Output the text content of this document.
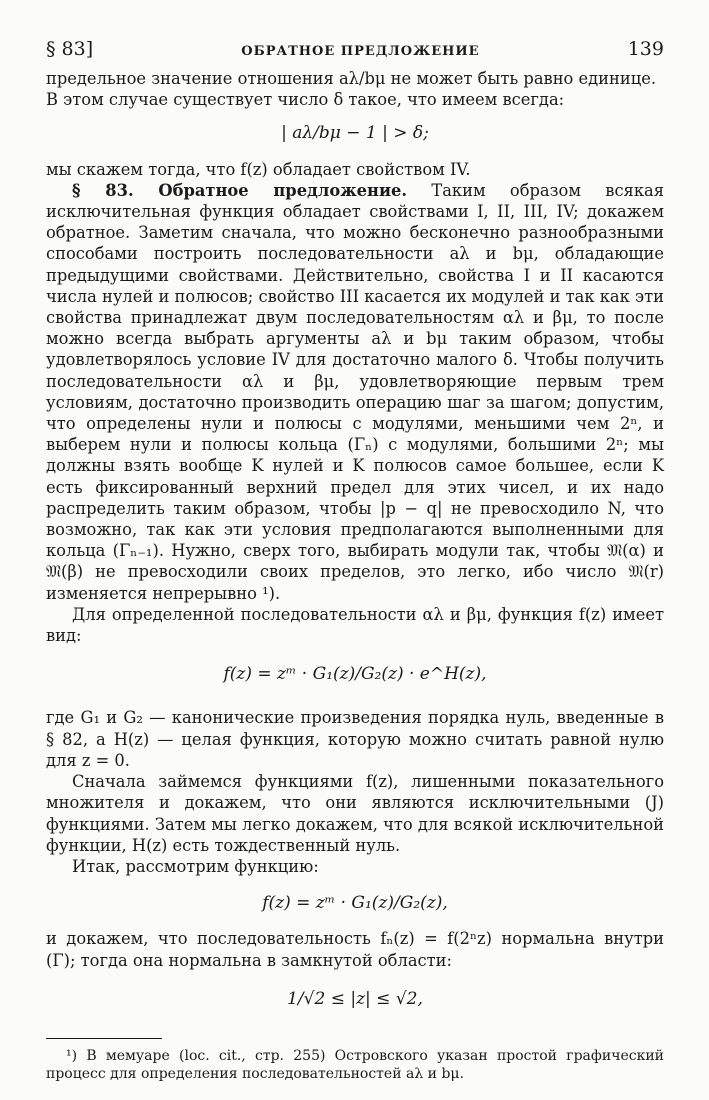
§ 83]	ОБРАТНОЕ ПРЕДЛОЖЕНИЕ	139

предельное значение отношения aλ/bμ не может быть равно единице.

В этом случае существует число δ такое, что имеем всегда:

| aλ/bμ − 1 | > δ;

мы скажем тогда, что f(z) обладает свойством IV.

§ 83. Обратное предложение. Таким образом всякая исключительная функция обладает свойствами I, II, III, IV; докажем обратное. Заметим сначала, что можно бесконечно разнообразными способами построить последовательности aλ и bμ, обладающие предыдущими свойствами. Действительно, свойства I и II касаются числа нулей и полюсов; свойство III касается их модулей и так как эти свойства принадлежат двум последовательностям αλ и βμ, то после можно всегда выбрать аргументы aλ и bμ таким образом, чтобы удовлетворялось условие IV для достаточно малого δ. Чтобы получить последовательности αλ и βμ, удовлетворяющие первым трем условиям, достаточно производить операцию шаг за шагом; допустим, что определены нули и полюсы с модулями, меньшими чем 2ⁿ, и выберем нули и полюсы кольца (Γₙ) с модулями, большими 2ⁿ; мы должны взять вообще K нулей и K полюсов самое большее, если K есть фиксированный верхний предел для этих чисел, и их надо распределить таким образом, чтобы |p − q| не превосходило N, что возможно, так как эти условия предполагаются выполненными для кольца (Γₙ₋₁). Нужно, сверх того, выбирать модули так, чтобы 𝔐(α) и 𝔐(β) не превосходили своих пределов, это легко, ибо число 𝔐(r) изменяется непрерывно ¹).

Для определенной последовательности αλ и βμ, функция f(z) имеет вид:

f(z) = zᵐ · G₁(z)/G₂(z) · e^H(z),

где G₁ и G₂ — канонические произведения порядка нуль, введенные в § 82, а H(z) — целая функция, которую можно считать равной нулю для z = 0.

Сначала займемся функциями f(z), лишенными показательного множителя и докажем, что они являются исключительными (J) функциями. Затем мы легко докажем, что для всякой исключительной функции, H(z) есть тождественный нуль.

Итак, рассмотрим функцию:

f(z) = zᵐ · G₁(z)/G₂(z),

и докажем, что последовательность fₙ(z) = f(2ⁿz) нормальна внутри (Γ); тогда она нормальна в замкнутой области:

1/√2 ≤ |z| ≤ √2,

¹) В мемуаре (loc. cit., стр. 255) Островского указан простой графический процесс для определения последовательностей aλ и bμ.
